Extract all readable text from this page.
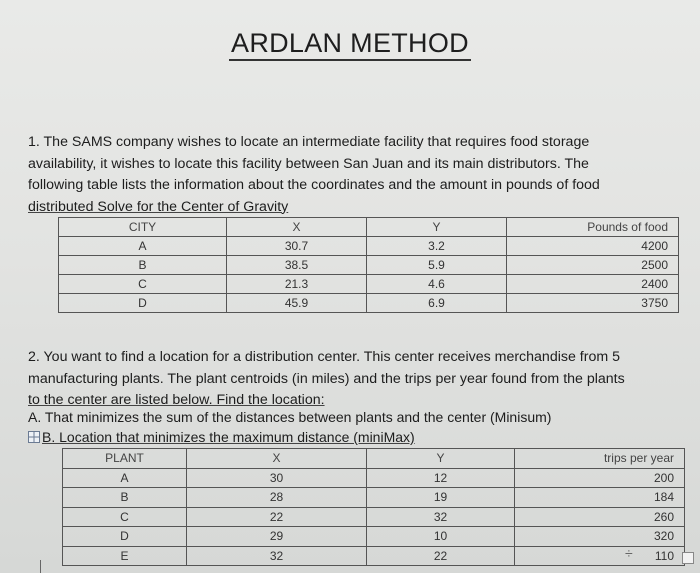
ARDLAN METHOD

1. The SAMS company wishes to locate an intermediate facility that requires food storage
availability, it wishes to locate this facility between San Juan and its main distributors. The
following table lists the information about the coordinates and the amount in pounds of food
distributed Solve for the Center of Gravity

CITY	X	Y	Pounds of food
A	30.7	3.2	4200
B	38.5	5.9	2500
C	21.3	4.6	2400
D	45.9	6.9	3750

2. You want to find a location for a distribution center. This center receives merchandise from 5
manufacturing plants. The plant centroids (in miles) and the trips per year found from the plants
to the center are listed below. Find the location:

A. That minimizes the sum of the distances between plants and the center (Minisum)
B. Location that minimizes the maximum distance (miniMax)
PLANT	X	Y	trips per year
A	30	12	200
B	28	19	184
C	22	32	260
D	29	10	320
E	32	22	110
÷
